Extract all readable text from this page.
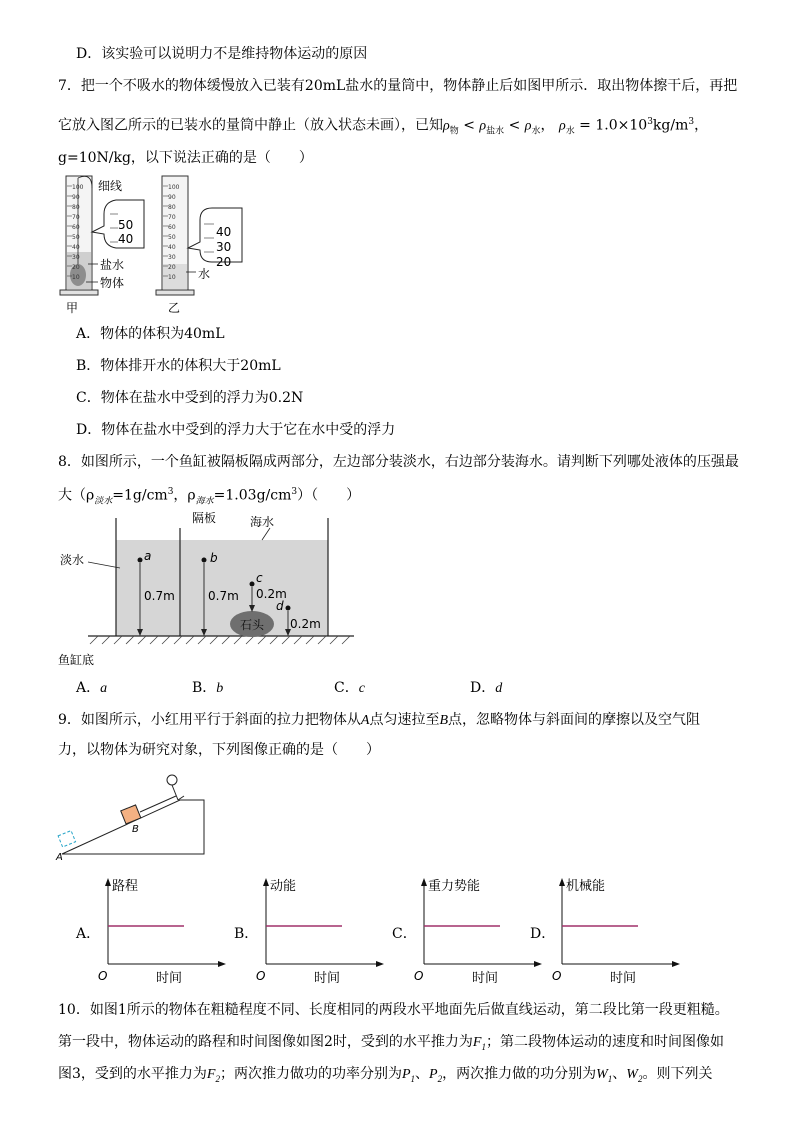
D．该实验可以说明力不是维持物体运动的原因
7．把一个不吸水的物体缓慢放入已装有20mL盐水的量筒中，物体静止后如图甲所示．取出物体擦干后，再把
它放入图乙所示的已装水的量筒中静止（放入状态未画），已知$\rho_物 < \rho_{盐水} < \rho_水$， $\rho_水 = 1.0\times 10^3kg/m^3$，
g=10N/kg，以下说法正确的是（　　）
100
90
80
70
60
50
40
30
20
10
50
40
细线
盐水
物体
甲
100
90
80
70
60
50
40
30
20
10
40
30
20
水
乙
A．物体的体积为40mL
B．物体排开水的体积大于20mL
C．物体在盐水中受到的浮力为0.2N
D．物体在盐水中受到的浮力大于它在水中受的浮力
8．如图所示，一个鱼缸被隔板隔成两部分，左边部分装淡水，右边部分装海水。请判断下列哪处液体的压强最
大（$\rho_{淡水}=1g/cm^3$，$\rho_{海水}=1.03g/cm^3$）（　　）
石头
隔板	海水
淡水
鱼缸底
a
0.7m
b
0.7m
c
0.2m
d
0.2m
A．a	B．b	C．c	D．d
9．如图所示，小红用平行于斜面的拉力把物体从A点匀速拉至B点，忽略物体与斜面间的摩擦以及空气阻
力，以物体为研究对象，下列图像正确的是（　　）
B
A
A．
路程
O	时间
B．
动能
O	时间
C．
重力势能
O	时间
D．
机械能
O	时间
10．如图1所示的物体在粗糙程度不同、长度相同的两段水平地面先后做直线运动，第二段比第一段更粗糙。
第一段中，物体运动的路程和时间图像如图2时，受到的水平推力为$F_1$；第二段物体运动的速度和时间图像如
图3，受到的水平推力为$F_2$；两次推力做功的功率分别为$P_1$、$P_2$，两次推力做的功分别为$W_1$、$W_2$。则下列关
